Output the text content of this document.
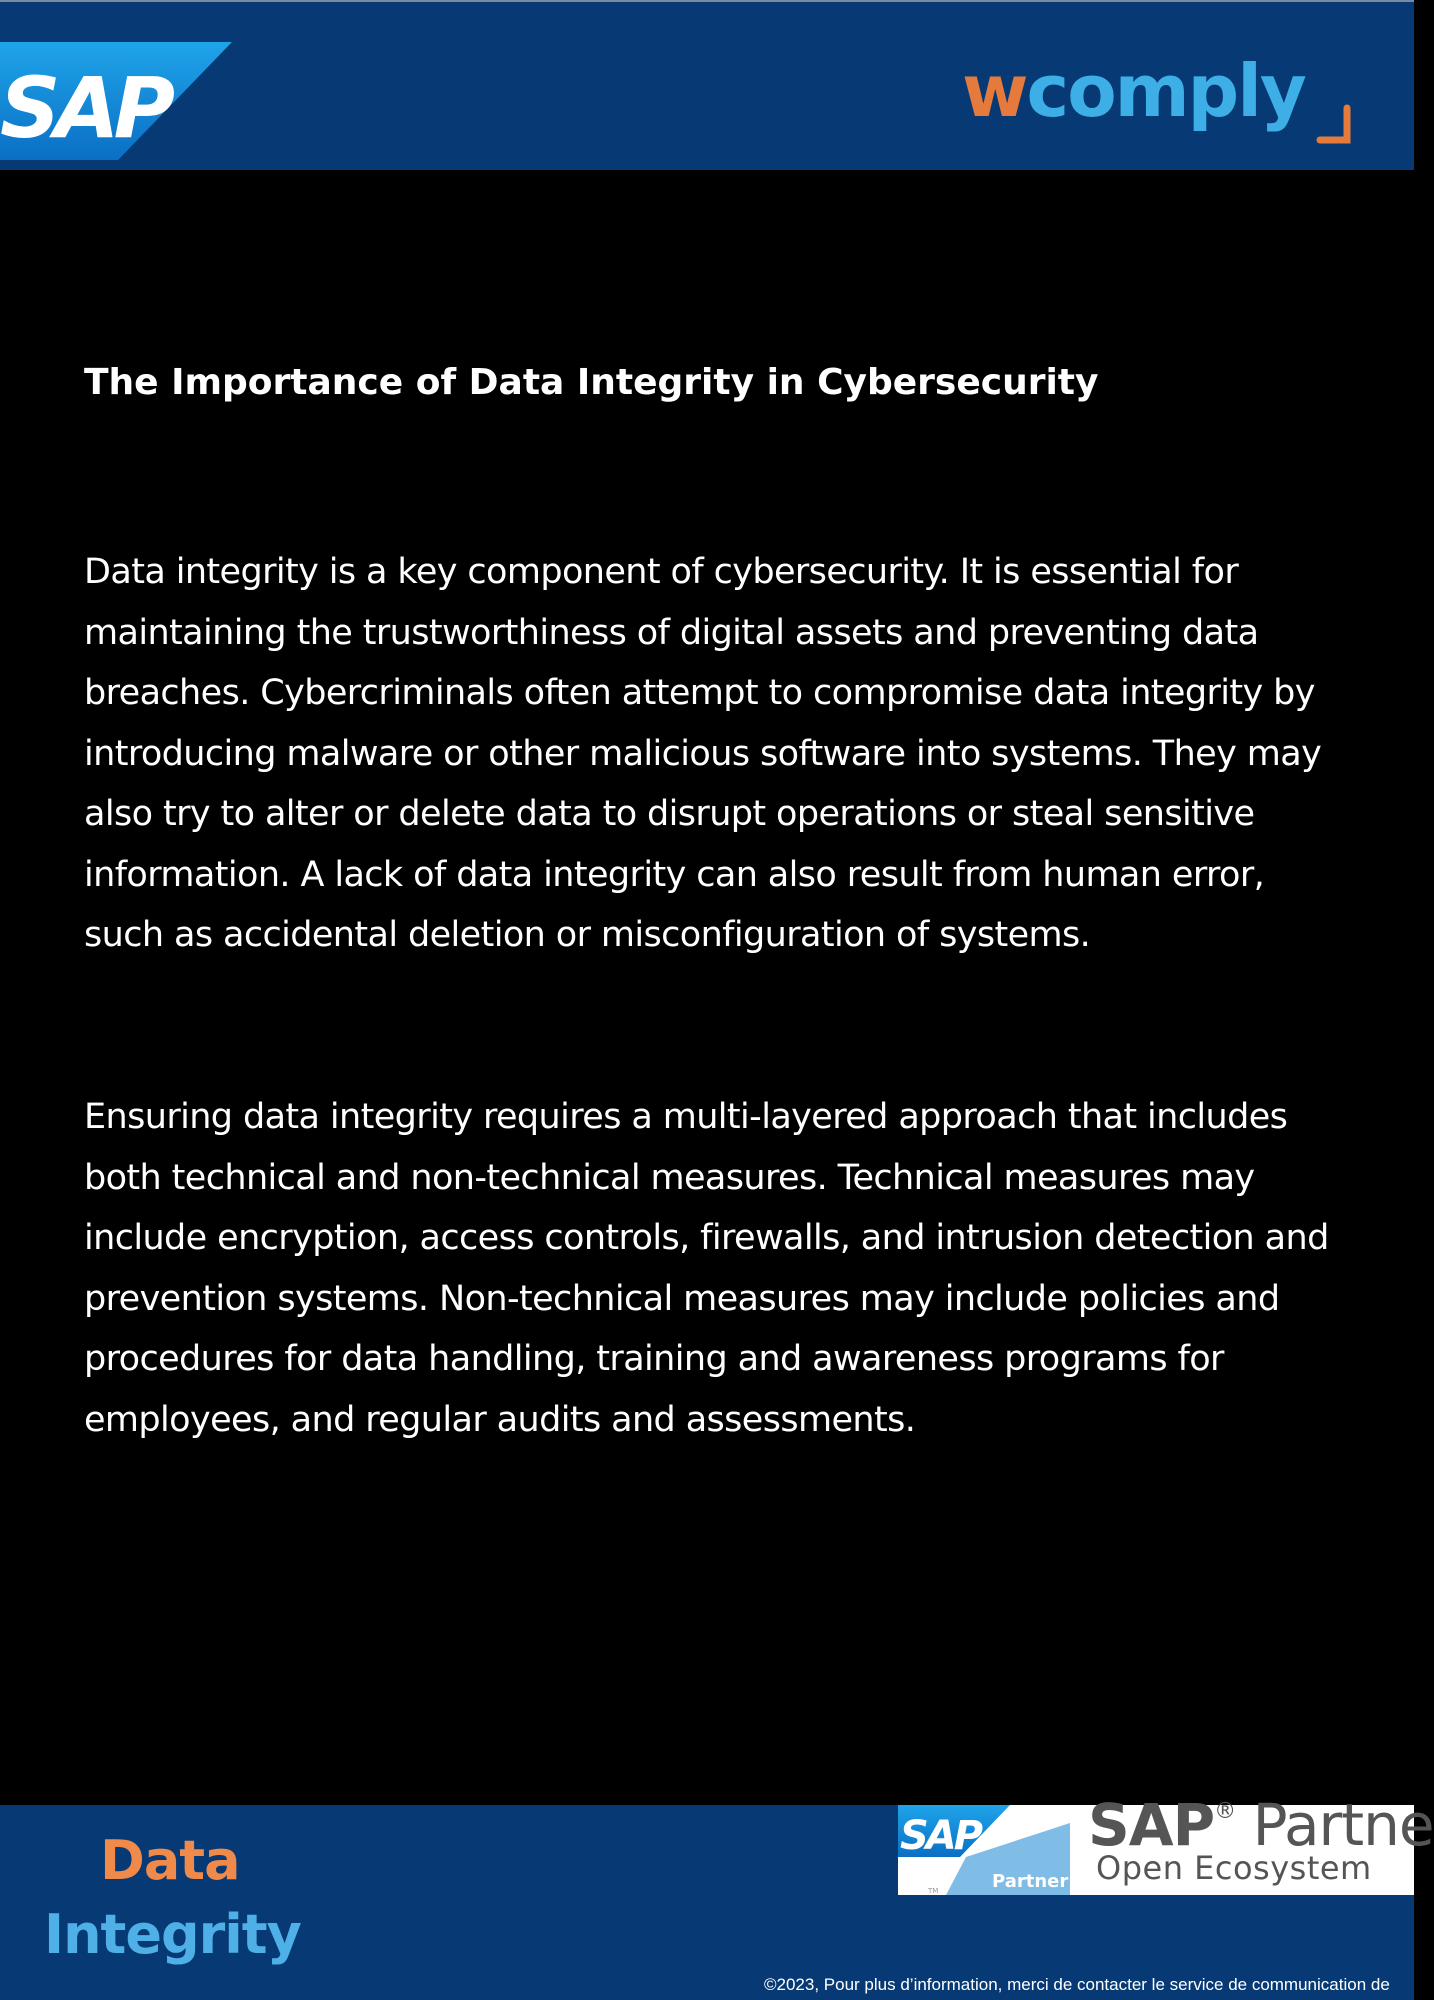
SAP	wcomply
The Importance of Data Integrity in Cybersecurity

Data integrity is a key component of cybersecurity. It is essential for maintaining the trustworthiness of digital assets and preventing data breaches. Cybercriminals often attempt to compromise data integrity by introducing malware or other malicious software into systems. They may also try to alter or delete data to disrupt operations or steal sensitive information. A lack of data integrity can also result from human error, such as accidental deletion or misconfiguration of systems.

Ensuring data integrity requires a multi-layered approach that includes both technical and non-technical measures. Technical measures may include encryption, access controls, firewalls, and intrusion detection and prevention systems. Non-technical measures may include policies and procedures for data handling, training and awareness programs for employees, and regular audits and assessments.

Data
Integrity
SAP
Partner
TM
SAP® Partne
Open Ecosystem
©2023, Pour plus d’information, merci de contacter le service de communication de
